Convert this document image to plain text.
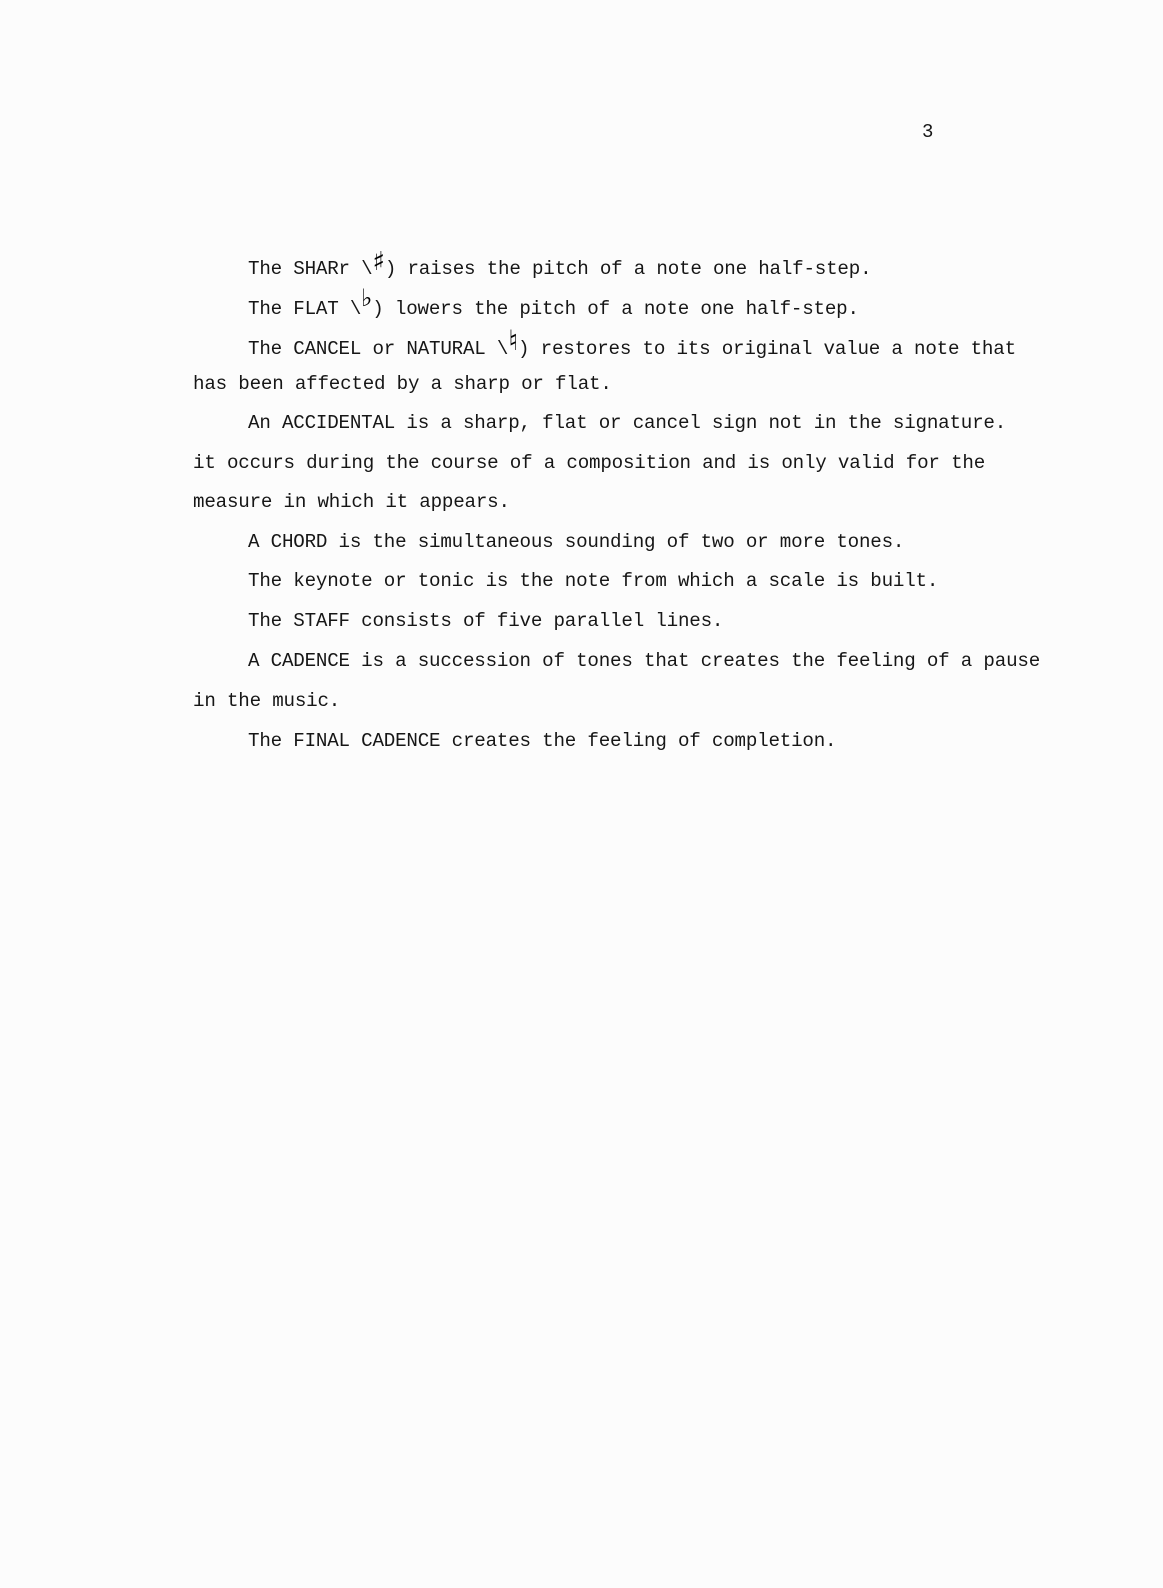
3
The SHARr \♯) raises the pitch of a note one half-step.
The FLAT \♭) lowers the pitch of a note one half-step.
The CANCEL or NATURAL \♮) restores to its original value a note that
has been affected by a sharp or flat.
An ACCIDENTAL is a sharp, flat or cancel sign not in the signature.
it occurs during the course of a composition and is only valid for the
measure in which it appears.
A CHORD is the simultaneous sounding of two or more tones.
The keynote or tonic is the note from which a scale is built.
The STAFF consists of five parallel lines.
A CADENCE is a succession of tones that creates the feeling of a pause
in the music.
The FINAL CADENCE creates the feeling of completion.
